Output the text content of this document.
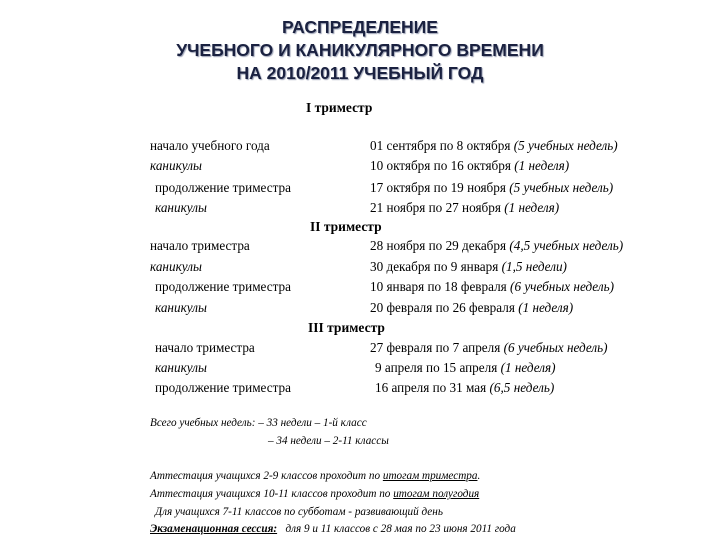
РАСПРЕДЕЛЕНИЕ
УЧЕБНОГО И КАНИКУЛЯРНОГО ВРЕМЕНИ
НА 2010/2011 УЧЕБНЫЙ ГОД
I триместр
начало учебного года	01 сентября по 8 октября (5 учебных недель)
каникулы	10 октября по 16 октября (1 неделя)
продолжение триместра	17 октября по 19 ноября (5 учебных недель)
каникулы	21 ноября по 27 ноября (1 неделя)
II триместр
начало триместра	28 ноября по 29 декабря (4,5 учебных недель)
каникулы	30 декабря по 9 января (1,5 недели)
продолжение триместра	10 января по 18 февраля (6 учебных недель)
каникулы	20 февраля по 26 февраля (1 неделя)
III триместр
начало триместра	27 февраля по 7 апреля (6 учебных недель)
каникулы	9 апреля по 15 апреля (1 неделя)
продолжение триместра	16 апреля по 31 мая (6,5 недель)
Всего учебных недель: – 33 недели – 1-й класс
– 34 недели – 2-11 классы
Аттестация учащихся 2-9 классов проходит по итогам триместра.
Аттестация учащихся 10-11 классов проходит по итогам полугодия
Для учащихся 7-11 классов по субботам - развивающий день
Экзаменационная сессия: для 9 и 11 классов с 28 мая по 23 июня 2011 года
